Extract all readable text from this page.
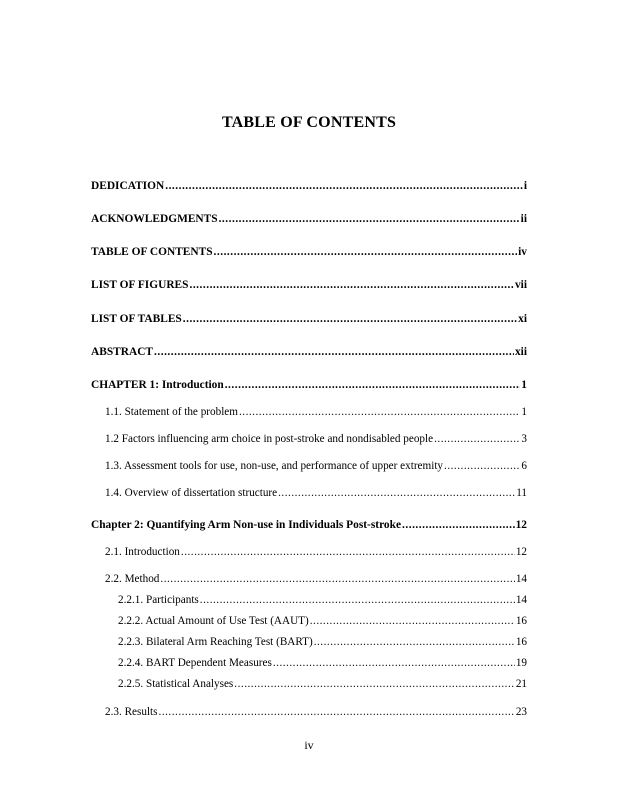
TABLE OF CONTENTS
DEDICATION .....	i
ACKNOWLEDGMENTS .....	ii
TABLE OF CONTENTS .....	iv
LIST OF FIGURES .....	vii
LIST OF TABLES .....	xi
ABSTRACT .....	xii
CHAPTER 1: Introduction .....	1
1.1. Statement of the problem .....	1
1.2 Factors influencing arm choice in post-stroke and nondisabled people .....	3
1.3. Assessment tools for use, non-use, and performance of upper extremity .....	6
1.4. Overview of dissertation structure .....	11
Chapter 2: Quantifying Arm Non-use in Individuals Post-stroke .....	12
2.1. Introduction .....	12
2.2. Method .....	14
2.2.1. Participants .....	14
2.2.2. Actual Amount of Use Test (AAUT) .....	16
2.2.3. Bilateral Arm Reaching Test (BART) .....	16
2.2.4. BART Dependent Measures .....	19
2.2.5. Statistical Analyses .....	21
2.3. Results .....	23
iv
